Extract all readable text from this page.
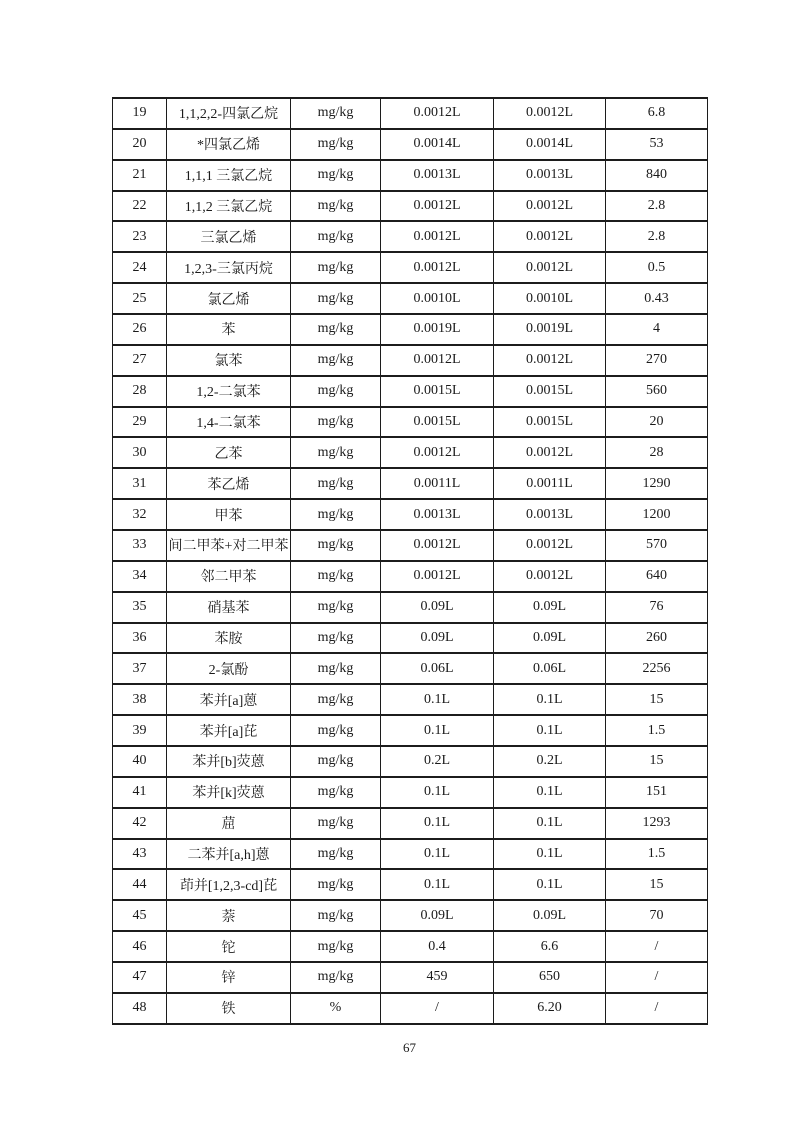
19	1,1,2,2-四氯乙烷	mg/kg	0.0012L	0.0012L	6.8
20	*四氯乙烯	mg/kg	0.0014L	0.0014L	53
21	1,1,1 三氯乙烷	mg/kg	0.0013L	0.0013L	840
22	1,1,2 三氯乙烷	mg/kg	0.0012L	0.0012L	2.8
23	三氯乙烯	mg/kg	0.0012L	0.0012L	2.8
24	1,2,3-三氯丙烷	mg/kg	0.0012L	0.0012L	0.5
25	氯乙烯	mg/kg	0.0010L	0.0010L	0.43
26	苯	mg/kg	0.0019L	0.0019L	4
27	氯苯	mg/kg	0.0012L	0.0012L	270
28	1,2-二氯苯	mg/kg	0.0015L	0.0015L	560
29	1,4-二氯苯	mg/kg	0.0015L	0.0015L	20
30	乙苯	mg/kg	0.0012L	0.0012L	28
31	苯乙烯	mg/kg	0.0011L	0.0011L	1290
32	甲苯	mg/kg	0.0013L	0.0013L	1200
33	间二甲苯+对二甲苯	mg/kg	0.0012L	0.0012L	570
34	邻二甲苯	mg/kg	0.0012L	0.0012L	640
35	硝基苯	mg/kg	0.09L	0.09L	76
36	苯胺	mg/kg	0.09L	0.09L	260
37	2-氯酚	mg/kg	0.06L	0.06L	2256
38	苯并[a]蒽	mg/kg	0.1L	0.1L	15
39	苯并[a]芘	mg/kg	0.1L	0.1L	1.5
40	苯并[b]荧蒽	mg/kg	0.2L	0.2L	15
41	苯并[k]荧蒽	mg/kg	0.1L	0.1L	151
42	䓛	mg/kg	0.1L	0.1L	1293
43	二苯并[a,h]蒽	mg/kg	0.1L	0.1L	1.5
44	茚并[1,2,3-cd]芘	mg/kg	0.1L	0.1L	15
45	萘	mg/kg	0.09L	0.09L	70
46	铊	mg/kg	0.4	6.6	/
47	锌	mg/kg	459	650	/
48	铁	%	/	6.20	/
67
